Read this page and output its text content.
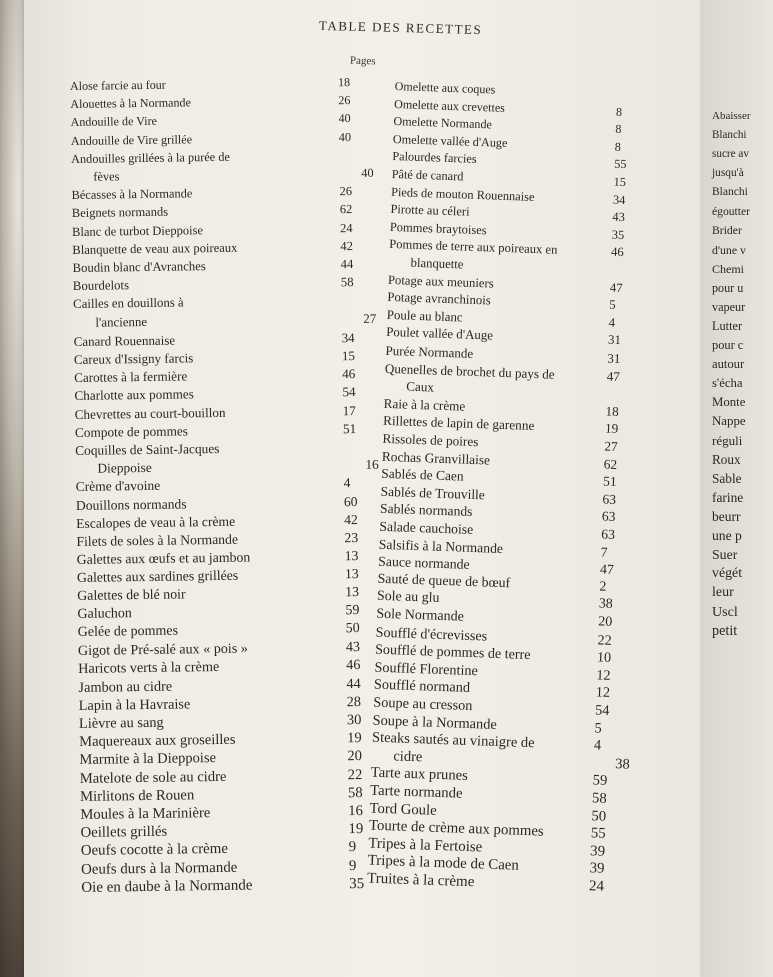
TABLE DES RECETTES
Pages
Alose farcie au four	18
Alouettes à la Normande	26
Andouille de Vire	40
Andouille de Vire grillée	40
Andouilles grillées à la purée de
fèves	40
Bécasses à la Normande	26
Beignets normands	62
Blanc de turbot Dieppoise	24
Blanquette de veau aux poireaux	42
Boudin blanc d'Avranches	44
Bourdelots	58
Cailles en douillons à
l'ancienne	27
Canard Rouennaise	34
Careux d'Issigny farcis	15
Carottes à la fermière	46
Charlotte aux pommes	54
Chevrettes au court-bouillon	17
Compote de pommes	51
Coquilles de Saint-Jacques
Dieppoise	16
Crème d'avoine	4
Douillons normands	60
Escalopes de veau à la crème	42
Filets de soles à la Normande	23
Galettes aux œufs et au jambon	13
Galettes aux sardines grillées	13
Galettes de blé noir	13
Galuchon	59
Gelée de pommes	50
Gigot de Pré-salé aux « pois »	43
Haricots verts à la crème	46
Jambon au cidre	44
Lapin à la Havraise	28
Lièvre au sang	30
Maquereaux aux groseilles	19
Marmite à la Dieppoise	20
Matelote de sole au cidre	22
Mirlitons de Rouen	58
Moules à la Marinière	16
Oeillets grillés	19
Oeufs cocotte à la crème	9
Oeufs durs à la Normande	9
Oie en daube à la Normande	35
Omelette aux coques
Omelette aux crevettes	8
Omelette Normande	8
Omelette vallée d'Auge	8
Palourdes farcies	55
Pâté de canard	15
Pieds de mouton Rouennaise	34
Pirotte au céleri	43
Pommes braytoises	35
Pommes de terre aux poireaux en	46
blanquette
Potage aux meuniers	47
Potage avranchinois	5
Poule au blanc	4
Poulet vallée d'Auge	31
Purée Normande	31
Quenelles de brochet du pays de	47
Caux
Raie à la crème	18
Rillettes de lapin de garenne	19
Rissoles de poires	27
Rochas Granvillaise	62
Sablés de Caen	51
Sablés de Trouville	63
Sablés normands	63
Salade cauchoise	63
Salsifis à la Normande	7
Sauce normande	47
Sauté de queue de bœuf	2
Sole au glu	38
Sole Normande	20
Soufflé d'écrevisses	22
Soufflé de pommes de terre	10
Soufflé Florentine	12
Soufflé normand	12
Soupe au cresson	54
Soupe à la Normande	5
Steaks sautés au vinaigre de	4
cidre	38
Tarte aux prunes	59
Tarte normande	58
Tord Goule	50
Tourte de crème aux pommes	55
Tripes à la Fertoise	39
Tripes à la mode de Caen	39
Truites à la crème	24
Abaisser
Blanchi
sucre av
jusqu'à
Blanchi
égoutter
Brider
d'une v
Chemi
pour u
vapeur
Lutter
pour c
autour
s'écha
Monte
Nappe
réguli
Roux
Sable
farine
beurr
une p
Suer
végét
leur
Uscl
petit
